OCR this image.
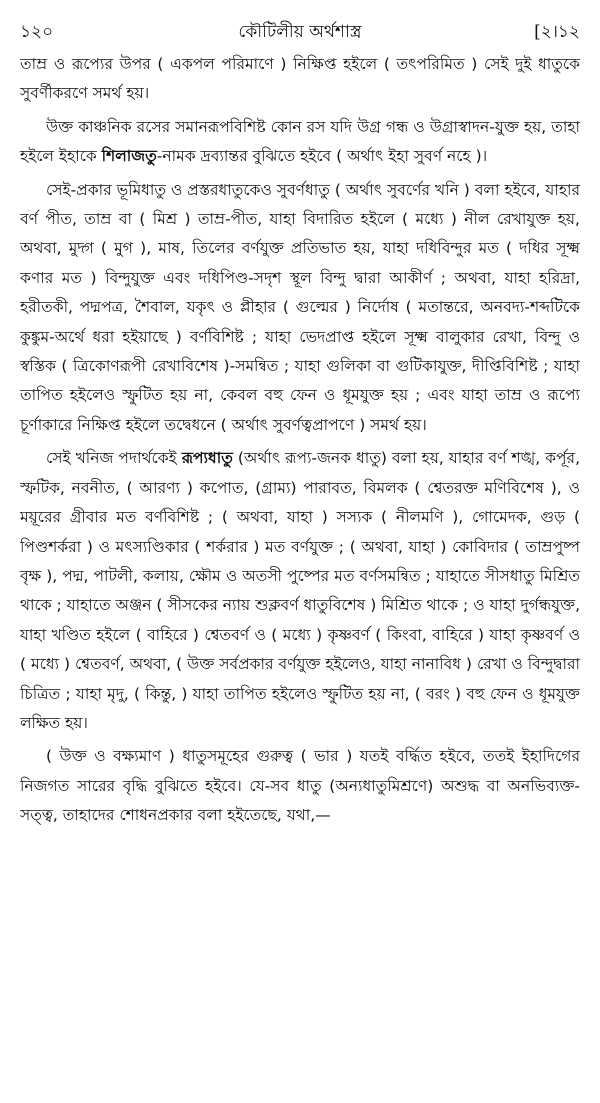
১২০	কৌটিলীয় অর্থশাস্ত্র	[২।১২

তাম্র ও রূপ্যের উপর ( একপল পরিমাণে ) নিক্ষিপ্ত হইলে ( তৎপরিমিত ) সেই দুই ধাতুকে সুবর্ণীকরণে সমর্থ হয়।

উক্ত কাঞ্চনিক রসের সমানরূপবিশিষ্ট কোন রস যদি উগ্র গন্ধ ও উগ্রাস্বাদন-যুক্ত হয়, তাহা হইলে ইহাকে শিলাজতু-নামক দ্রব্যান্তর বুঝিতে হইবে ( অর্থাৎ ইহা সুবর্ণ নহে )।

সেই-প্রকার ভূমিধাতু ও প্রস্তরধাতুকেও সুবর্ণধাতু ( অর্থাৎ সুবর্ণের খনি ) বলা হইবে, যাহার বর্ণ পীত, তাম্র বা ( মিশ্র ) তাম্র-পীত, যাহা বিদারিত হইলে ( মধ্যে ) নীল রেখাযুক্ত হয়, অথবা, মুদ্গ ( মুগ ), মাষ, তিলের বর্ণযুক্ত প্রতিভাত হয়, যাহা দধিবিন্দুর মত ( দধির সূক্ষ্ম কণার মত ) বিন্দুযুক্ত এবং দধিপিণ্ড-সদৃশ স্থূল বিন্দু দ্বারা আকীর্ণ ; অথবা, যাহা হরিদ্রা, হরীতকী, পদ্মপত্র, শৈবাল, যকৃৎ ও প্লীহার ( গুল্মের ) নির্দোষ ( মতান্তরে, অনবদ্য-শব্দটিকে কুঙ্কুম-অর্থে ধরা হইয়াছে ) বর্ণবিশিষ্ট ; যাহা ভেদপ্রাপ্ত হইলে সূক্ষ্ম বালুকার রেখা, বিন্দু ও স্বস্তিক ( ত্রিকোণরূপী রেখাবিশেষ )-সমন্বিত ; যাহা গুলিকা বা গুটিকাযুক্ত, দীপ্তিবিশিষ্ট ; যাহা তাপিত হইলেও স্ফুটিত হয় না, কেবল বহু ফেন ও ধূমযুক্ত হয় ; এবং যাহা তাম্র ও রূপ্যে চূর্ণাকারে নিক্ষিপ্ত হইলে তদ্বেধনে ( অর্থাৎ সুবর্ণত্বপ্রাপণে ) সমর্থ হয়।

সেই খনিজ পদার্থকেই রূপ্যধাতু (অর্থাৎ রূপ্য-জনক ধাতু) বলা হয়, যাহার বর্ণ শঙ্খ, কর্পূর, স্ফটিক, নবনীত, ( আরণ্য ) কপোত, (গ্রাম্য) পারাবত, বিমলক ( শ্বেতরক্ত মণিবিশেষ ), ও ময়ূরের গ্রীবার মত বর্ণবিশিষ্ট ; ( অথবা, যাহা ) সস্যক ( নীলমণি ), গোমেদক, গুড় ( পিণ্ডশর্করা ) ও মৎস্যণ্ডিকার ( শর্করার ) মত বর্ণযুক্ত ; ( অথবা, যাহা ) কোবিদার ( তাম্রপুষ্প বৃক্ষ ), পদ্ম, পাটলী, কলায়, ক্ষৌম ও অতসী পুষ্পের মত বর্ণসমন্বিত ; যাহাতে সীসধাতু মিশ্রিত থাকে ; যাহাতে অঞ্জন ( সীসকের ন্যায় শুক্লবর্ণ ধাতুবিশেষ ) মিশ্রিত থাকে ; ও যাহা দুর্গন্ধযুক্ত, যাহা খণ্ডিত হইলে ( বাহিরে ) শ্বেতবর্ণ ও ( মধ্যে ) কৃষ্ণবর্ণ ( কিংবা, বাহিরে ) যাহা কৃষ্ণবর্ণ ও ( মধ্যে ) শ্বেতবর্ণ, অথবা, ( উক্ত সর্বপ্রকার বর্ণযুক্ত হইলেও, যাহা নানাবিধ ) রেখা ও বিন্দুদ্বারা চিত্রিত ; যাহা মৃদু, ( কিন্তু, ) যাহা তাপিত হইলেও স্ফুটিত হয় না, ( বরং ) বহু ফেন ও ধূমযুক্ত লক্ষিত হয়।

( উক্ত ও বক্ষ্যমাণ ) ধাতুসমূহের গুরুত্ব ( ভার ) যতই বর্দ্ধিত হইবে, ততই ইহাদিগের নিজগত সারের বৃদ্ধি বুঝিতে হইবে। যে-সব ধাতু (অন্যধাতুমিশ্রণে) অশুদ্ধ বা অনভিব্যক্ত-সত্ত্ব, তাহাদের শোধনপ্রকার বলা হইতেছে, যথা,—
